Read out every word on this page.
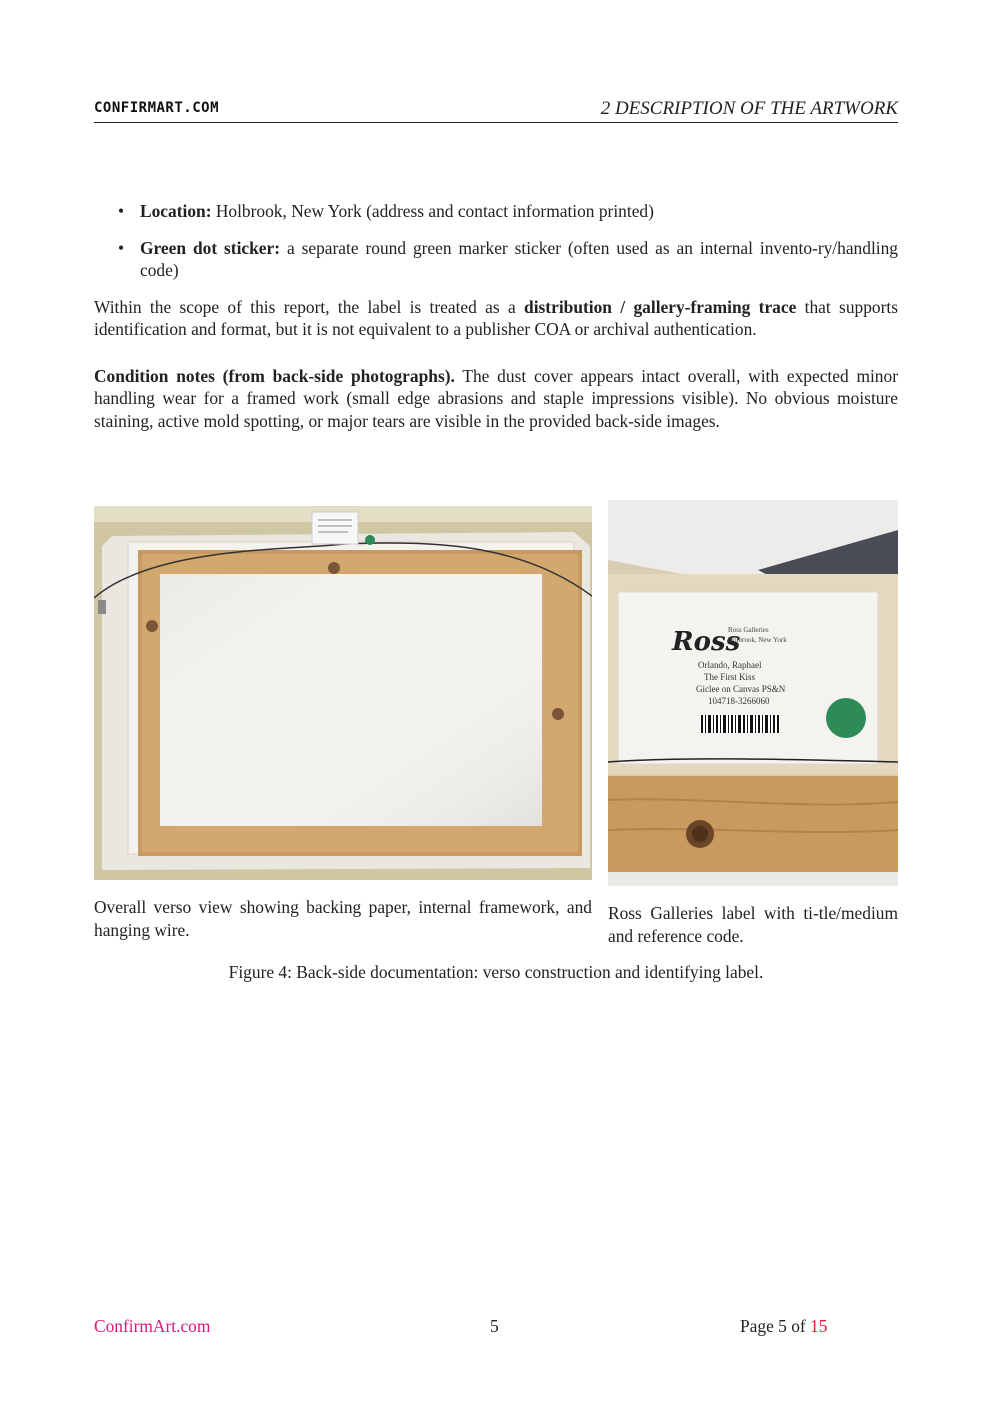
CONFIRMART.COM	2 DESCRIPTION OF THE ARTWORK
• Location: Holbrook, New York (address and contact information printed)
• Green dot sticker: a separate round green marker sticker (often used as an internal invento-ry/handling code)

Within the scope of this report, the label is treated as a distribution / gallery-framing trace that supports identification and format, but it is not equivalent to a publisher COA or archival authentication.

Condition notes (from back-side photographs). The dust cover appears intact overall, with expected minor handling wear for a framed work (small edge abrasions and staple impressions visible). No obvious moisture staining, active mold spotting, or major tears are visible in the provided back-side images.

Ross
Ross Galleries
Holbrook, New York
Orlando, Raphael
The First Kiss
Giclee on Canvas PS&N
104718-3266060
Overall verso view showing backing paper, internal framework, and hanging wire.
Ross Galleries label with ti-tle/medium and reference code.
Figure 4: Back-side documentation: verso construction and identifying label.
ConfirmArt.com	5	Page 5 of 15
